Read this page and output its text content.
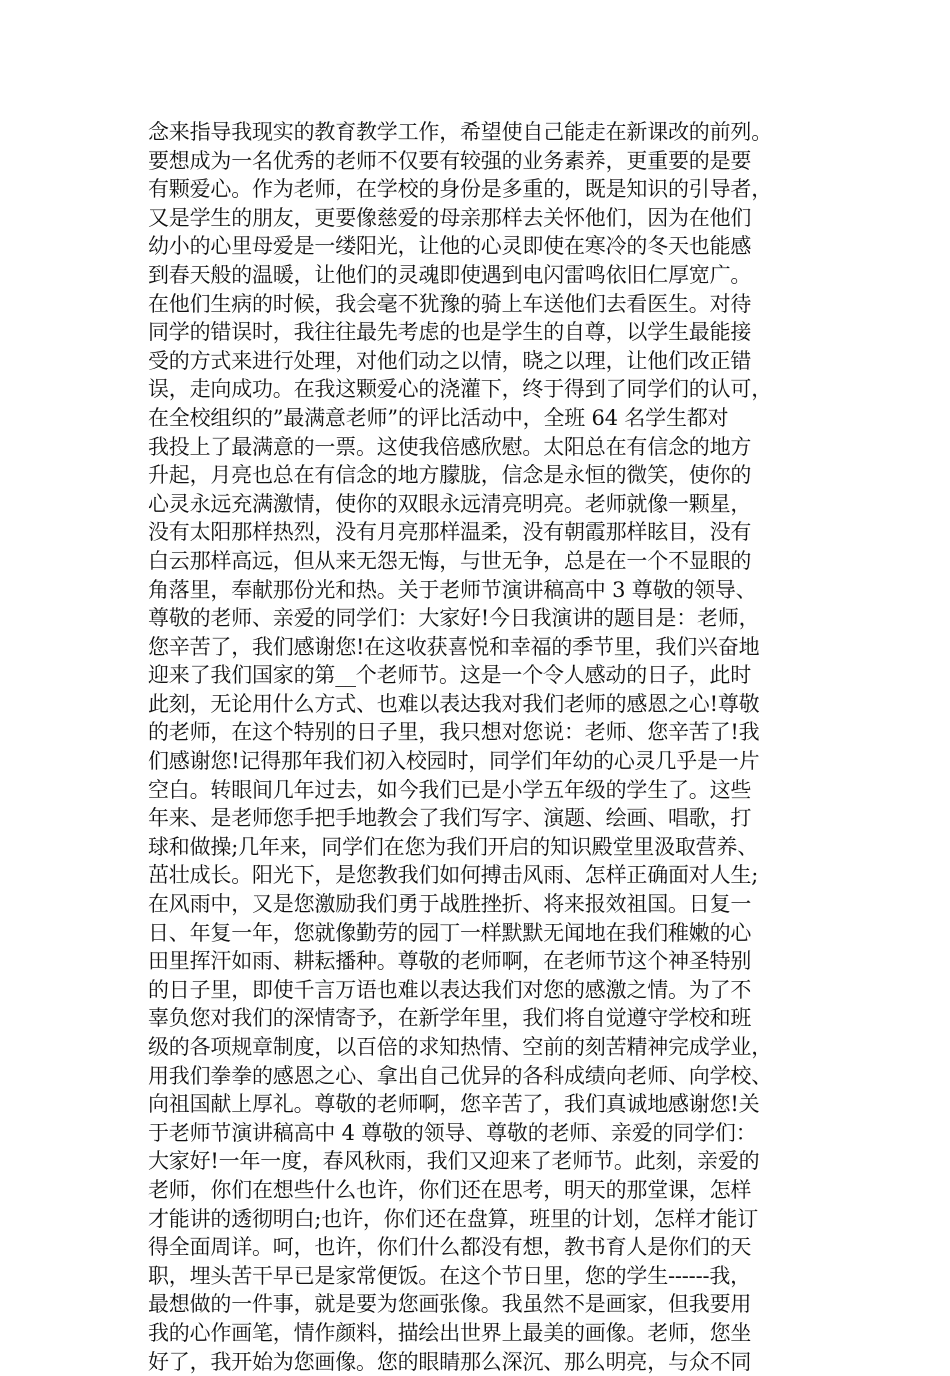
念来指导我现实的教育教学工作，希望使自己能走在新课改的前列。
要想成为一名优秀的老师不仅要有较强的业务素养，更重要的是要
有颗爱心。作为老师，在学校的身份是多重的，既是知识的引导者，
又是学生的朋友，更要像慈爱的母亲那样去关怀他们，因为在他们
幼小的心里母爱是一缕阳光，让他的心灵即使在寒冷的冬天也能感
到春天般的温暖，让他们的灵魂即使遇到电闪雷鸣依旧仁厚宽广。
在他们生病的时候，我会毫不犹豫的骑上车送他们去看医生。对待
同学的错误时，我往往最先考虑的也是学生的自尊，以学生最能接
受的方式来进行处理，对他们动之以情，晓之以理，让他们改正错
误，走向成功。在我这颗爱心的浇灌下，终于得到了同学们的认可，
在全校组织的”最满意老师”的评比活动中，全班 64 名学生都对
我投上了最满意的一票。这使我倍感欣慰。太阳总在有信念的地方
升起，月亮也总在有信念的地方朦胧，信念是永恒的微笑，使你的
心灵永远充满激情，使你的双眼永远清亮明亮。老师就像一颗星，
没有太阳那样热烈，没有月亮那样温柔，没有朝霞那样眩目，没有
白云那样高远，但从来无怨无悔，与世无争，总是在一个不显眼的
角落里，奉献那份光和热。关于老师节演讲稿高中 3 尊敬的领导、
尊敬的老师、亲爱的同学们：大家好!今日我演讲的题目是：老师，
您辛苦了，我们感谢您!在这收获喜悦和幸福的季节里，我们兴奋地
迎来了我们国家的第__个老师节。这是一个令人感动的日子，此时
此刻，无论用什么方式、也难以表达我对我们老师的感恩之心!尊敬
的老师，在这个特别的日子里，我只想对您说：老师、您辛苦了!我
们感谢您!记得那年我们初入校园时，同学们年幼的心灵几乎是一片
空白。转眼间几年过去，如今我们已是小学五年级的学生了。这些
年来、是老师您手把手地教会了我们写字、演题、绘画、唱歌，打
球和做操;几年来，同学们在您为我们开启的知识殿堂里汲取营养、
茁壮成长。阳光下，是您教我们如何搏击风雨、怎样正确面对人生;
在风雨中，又是您激励我们勇于战胜挫折、将来报效祖国。日复一
日、年复一年，您就像勤劳的园丁一样默默无闻地在我们稚嫩的心
田里挥汗如雨、耕耘播种。尊敬的老师啊，在老师节这个神圣特别
的日子里，即使千言万语也难以表达我们对您的感激之情。为了不
辜负您对我们的深情寄予，在新学年里，我们将自觉遵守学校和班
级的各项规章制度，以百倍的求知热情、空前的刻苦精神完成学业，
用我们拳拳的感恩之心、拿出自己优异的各科成绩向老师、向学校、
向祖国献上厚礼。尊敬的老师啊，您辛苦了，我们真诚地感谢您!关
于老师节演讲稿高中 4 尊敬的领导、尊敬的老师、亲爱的同学们：
大家好!一年一度，春风秋雨，我们又迎来了老师节。此刻，亲爱的
老师，你们在想些什么也许，你们还在思考，明天的那堂课，怎样
才能讲的透彻明白;也许，你们还在盘算，班里的计划，怎样才能订
得全面周详。呵，也许，你们什么都没有想，教书育人是你们的天
职，埋头苦干早已是家常便饭。在这个节日里，您的学生------我，
最想做的一件事，就是要为您画张像。我虽然不是画家，但我要用
我的心作画笔，情作颜料，描绘出世界上最美的画像。老师，您坐
好了，我开始为您画像。您的眼睛那么深沉、那么明亮，与众不同
